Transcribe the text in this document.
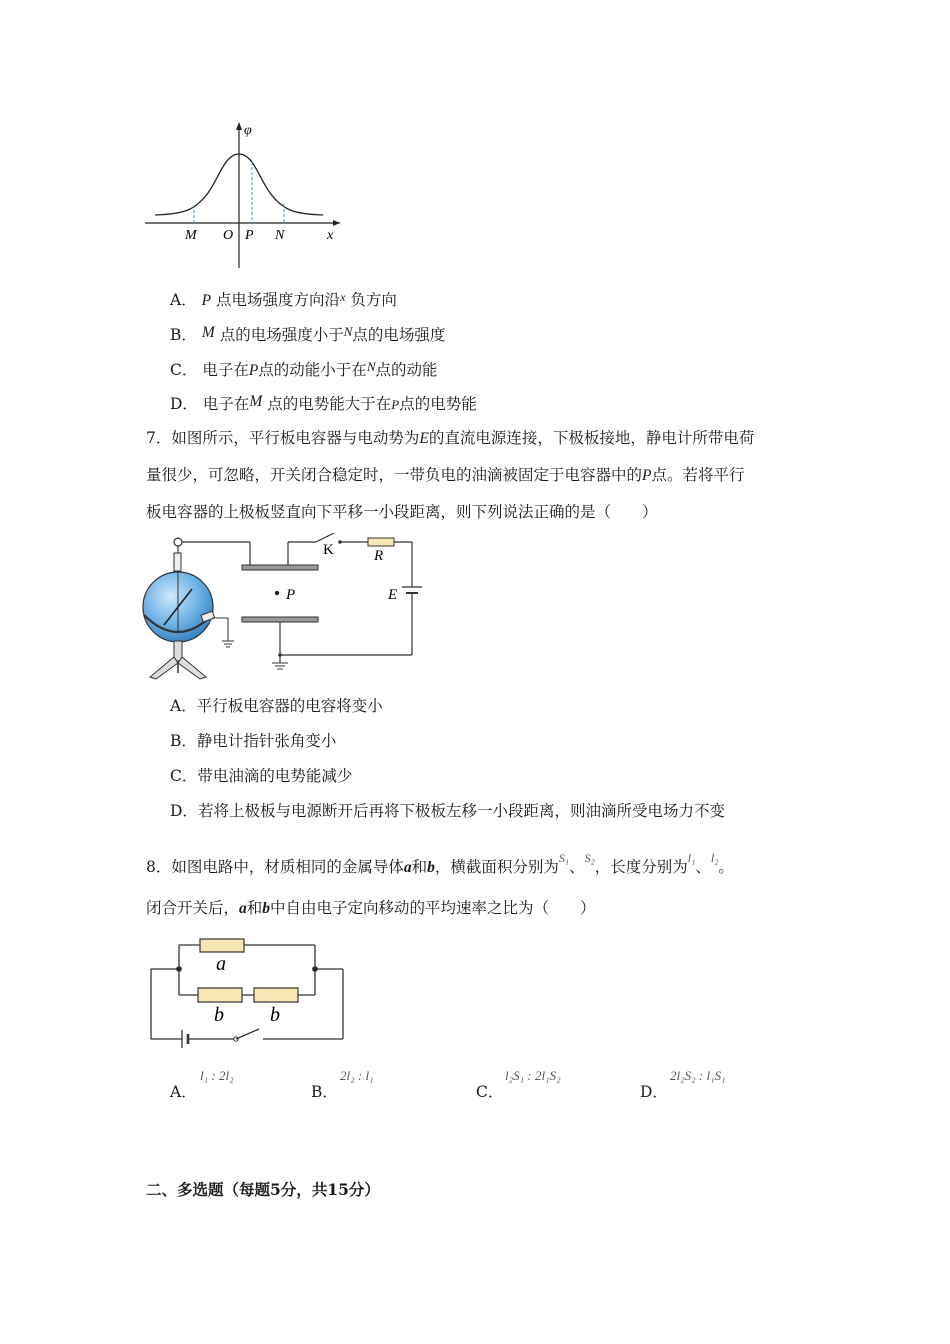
φ
x
M O P N
A． P 点电场强度方向沿$^x$ 负方向
B． M 点的电场强度小于$^N$点的电场强度
C． 电子在P点的动能小于在$^N$点的动能
D． 电子在M 点的电势能大于在P点的电势能
7．如图所示，平行板电容器与电动势为E的直流电源连接，下极板接地，静电计所带电荷
量很少，可忽略，开关闭合稳定时，一带负电的油滴被固定于电容器中的P点。若将平行
板电容器的上极板竖直向下平移一小段距离，则下列说法正确的是（　　）
K	R
E
P
A．平行板电容器的电容将变小
B．静电计指针张角变小
C．带电油滴的电势能减少
D．若将上极板与电源断开后再将下极板左移一小段距离，则油滴所受电场力不变
8．如图电路中，材质相同的金属导体a和b，横截面积分别为$^{S_1}$、$^{S_2}$，长度分别为$^{l_1}$、$^{l_2}$。
闭合开关后，a和b中自由电子定向移动的平均速率之比为（　　）
a
b b
A．
l₁ : 2l₂
B．
2l₂ : l₁
C．
l₂S₁ : 2l₁S₂
D．
2l₂S₂ : l₁S₁
二、多选题（每题5分，共15分）
